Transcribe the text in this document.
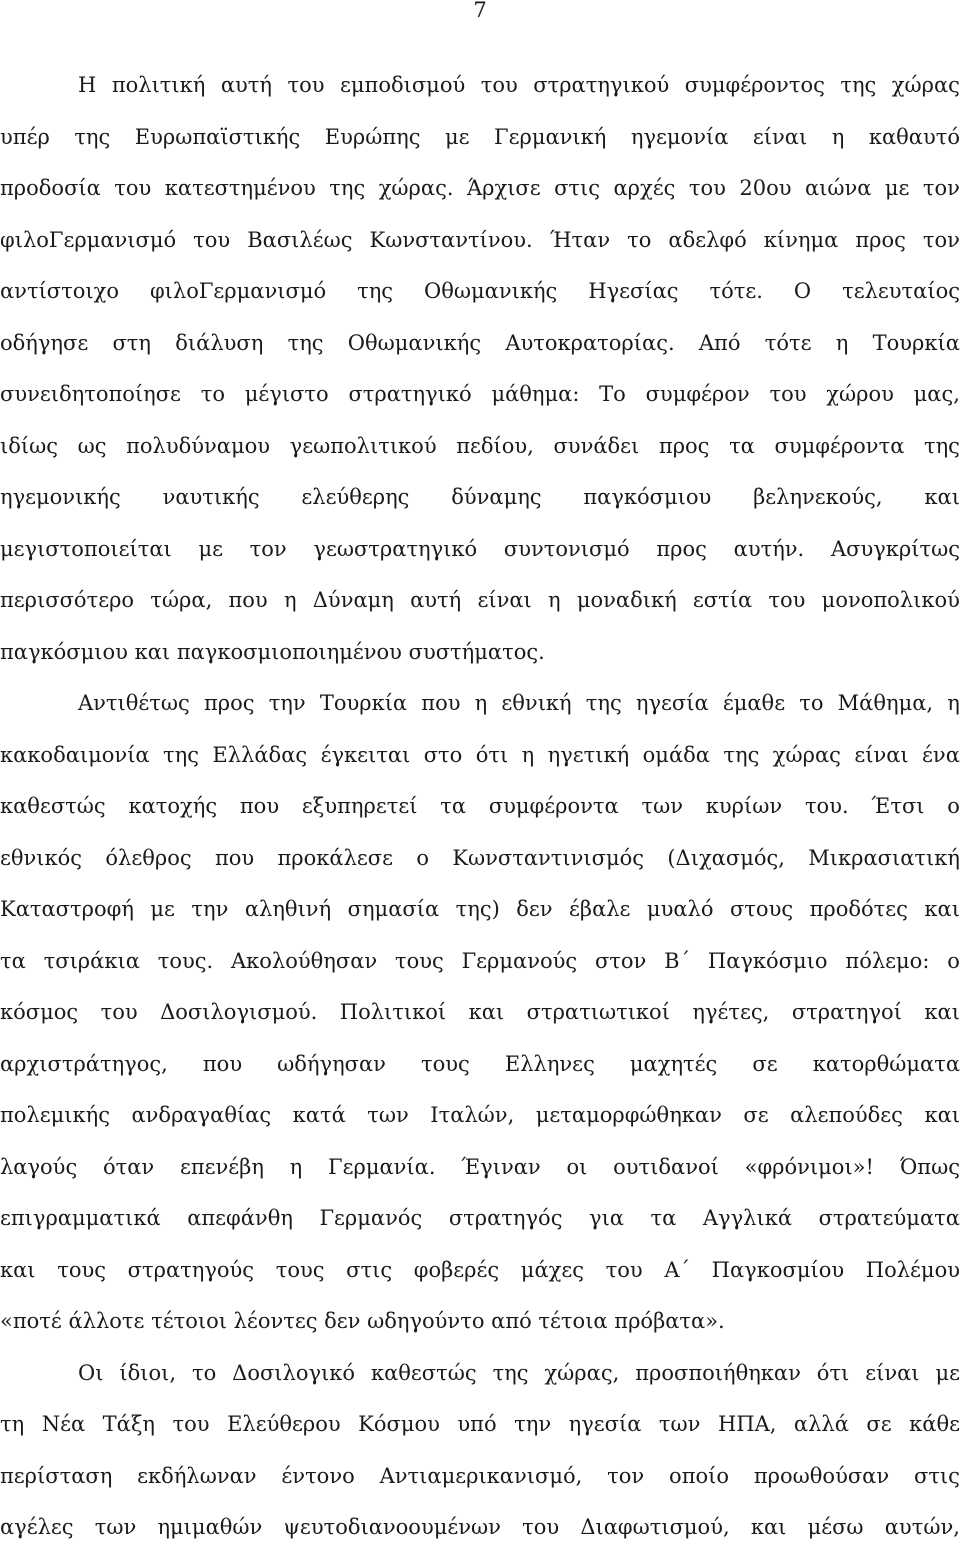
7
Η πολιτική αυτή του εμποδισμού του στρατηγικού συμφέροντος της χώρας
υπέρ της Ευρωπαϊστικής Ευρώπης με Γερμανική ηγεμονία είναι η καθαυτό
προδοσία του κατεστημένου της χώρας. Άρχισε στις αρχές του 20ου αιώνα με τον
φιλοΓερμανισμό του Βασιλέως Κωνσταντίνου. Ήταν το αδελφό κίνημα προς τον
αντίστοιχο φιλοΓερμανισμό της Οθωμανικής Ηγεσίας τότε. Ο τελευταίος
οδήγησε στη διάλυση της Οθωμανικής Αυτοκρατορίας. Από τότε η Τουρκία
συνειδητοποίησε το μέγιστο στρατηγικό μάθημα: Το συμφέρον του χώρου μας,
ιδίως ως πολυδύναμου γεωπολιτικού πεδίου, συνάδει προς τα συμφέροντα της
ηγεμονικής ναυτικής ελεύθερης δύναμης παγκόσμιου βεληνεκούς, και
μεγιστοποιείται με τον γεωστρατηγικό συντονισμό προς αυτήν. Ασυγκρίτως
περισσότερο τώρα, που η Δύναμη αυτή είναι η μοναδική εστία του μονοπολικού
παγκόσμιου και παγκοσμιοποιημένου συστήματος.
Αντιθέτως προς την Τουρκία που η εθνική της ηγεσία έμαθε το Μάθημα, η
κακοδαιμονία της Ελλάδας έγκειται στο ότι η ηγετική ομάδα της χώρας είναι ένα
καθεστώς κατοχής που εξυπηρετεί τα συμφέροντα των κυρίων του. Έτσι ο
εθνικός όλεθρος που προκάλεσε ο Κωνσταντινισμός (Διχασμός, Μικρασιατική
Καταστροφή με την αληθινή σημασία της) δεν έβαλε μυαλό στους προδότες και
τα τσιράκια τους. Ακολούθησαν τους Γερμανούς στον Β΄ Παγκόσμιο πόλεμο: ο
κόσμος του Δοσιλογισμού. Πολιτικοί και στρατιωτικοί ηγέτες, στρατηγοί και
αρχιστράτηγος, που ωδήγησαν τους Ελληνες μαχητές σε κατορθώματα
πολεμικής ανδραγαθίας κατά των Ιταλών, μεταμορφώθηκαν σε αλεπούδες και
λαγούς όταν επενέβη η Γερμανία. Έγιναν οι ουτιδανοί «φρόνιμοι»! Όπως
επιγραμματικά απεφάνθη Γερμανός στρατηγός για τα Αγγλικά στρατεύματα
και τους στρατηγούς τους στις φοβερές μάχες του Α΄ Παγκοσμίου Πολέμου
«ποτέ άλλοτε τέτοιοι λέοντες δεν ωδηγούντο από τέτοια πρόβατα».
Οι ίδιοι, το Δοσιλογικό καθεστώς της χώρας, προσποιήθηκαν ότι είναι με
τη Νέα Τάξη του Ελεύθερου Κόσμου υπό την ηγεσία των ΗΠΑ, αλλά σε κάθε
περίσταση εκδήλωναν έντονο Αντιαμερικανισμό, τον οποίο προωθούσαν στις
αγέλες των ημιμαθών ψευτοδιανοουμένων του Διαφωτισμού, και μέσω αυτών,
